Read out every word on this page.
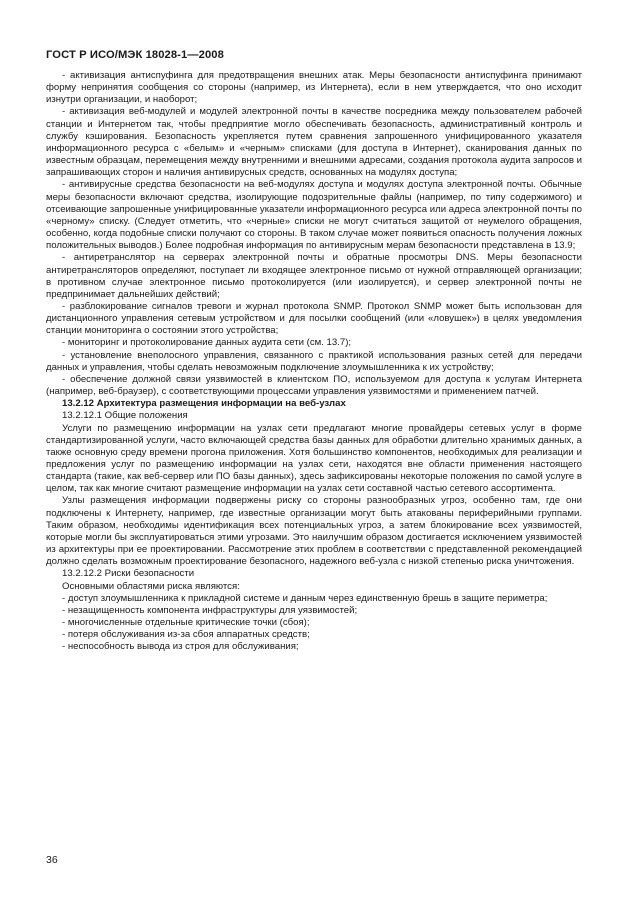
ГОСТ Р ИСО/МЭК 18028-1—2008

- активизация антиспуфинга для предотвращения внешних атак. Меры безопасности антиспуфинга принимают форму непринятия сообщения со стороны (например, из Интернета), если в нем утверждается, что оно исходит изнутри организации, и наоборот;

- активизация веб-модулей и модулей электронной почты в качестве посредника между пользователем рабочей станции и Интернетом так, чтобы предприятие могло обеспечивать безопасность, административный контроль и службу кэширования. Безопасность укрепляется путем сравнения запрошенного унифицированного указателя информационного ресурса с «белым» и «черным» списками (для доступа в Интернет), сканирования данных по известным образцам, перемещения между внутренними и внешними адресами, создания протокола аудита запросов и запрашивающих сторон и наличия антивирусных средств, основанных на модулях доступа;

- антивирусные средства безопасности на веб-модулях доступа и модулях доступа электронной почты. Обычные меры безопасности включают средства, изолирующие подозрительные файлы (например, по типу содержимого) и отсеивающие запрошенные унифицированные указатели информационного ресурса или адреса электронной почты по «черному» списку. (Следует отметить, что «черные» списки не могут считаться защитой от неумелого обращения, особенно, когда подобные списки получают со стороны. В таком случае может появиться опасность получения ложных положительных выводов.) Более подробная информация по антивирусным мерам безопасности представлена в 13.9;

- антиретранслятор на серверах электронной почты и обратные просмотры DNS. Меры безопасности антиретрансляторов определяют, поступает ли входящее электронное письмо от нужной отправляющей организации; в противном случае электронное письмо протоколируется (или изолируется), и сервер электронной почты не предпринимает дальнейших действий;

- разблокирование сигналов тревоги и журнал протокола SNMP. Протокол SNMP может быть использован для дистанционного управления сетевым устройством и для посылки сообщений (или «ловушек») в целях уведомления станции мониторинга о состоянии этого устройства;

- мониторинг и протоколирование данных аудита сети (см. 13.7);

- установление внеполосного управления, связанного с практикой использования разных сетей для передачи данных и управления, чтобы сделать невозможным подключение злоумышленника к их устройству;

- обеспечение должной связи уязвимостей в клиентском ПО, используемом для доступа к услугам Интернета (например, веб-браузер), с соответствующими процессами управления уязвимостями и применением патчей.

13.2.12 Архитектура размещения информации на веб-узлах

13.2.12.1 Общие положения

Услуги по размещению информации на узлах сети предлагают многие провайдеры сетевых услуг в форме стандартизированной услуги, часто включающей средства базы данных для обработки длительно хранимых данных, а также основную среду времени прогона приложения. Хотя большинство компонентов, необходимых для реализации и предложения услуг по размещению информации на узлах сети, находятся вне области применения настоящего стандарта (такие, как веб-сервер или ПО базы данных), здесь зафиксированы некоторые положения по самой услуге в целом, так как многие считают размещение информации на узлах сети составной частью сетевого ассортимента.

Узлы размещения информации подвержены риску со стороны разнообразных угроз, особенно там, где они подключены к Интернету, например, где известные организации могут быть атакованы периферийными группами. Таким образом, необходимы идентификация всех потенциальных угроз, а затем блокирование всех уязвимостей, которые могли бы эксплуатироваться этими угрозами. Это наилучшим образом достигается исключением уязвимостей из архитектуры при ее проектировании. Рассмотрение этих проблем в соответствии с представленной рекомендацией должно сделать возможным проектирование безопасного, надежного веб-узла с низкой степенью риска уничтожения.

13.2.12.2 Риски безопасности

Основными областями риска являются:

- доступ злоумышленника к прикладной системе и данным через единственную брешь в защите периметра;

- незащищенность компонента инфраструктуры для уязвимостей;

- многочисленные отдельные критические точки (сбоя);

- потеря обслуживания из-за сбоя аппаратных средств;

- неспособность вывода из строя для обслуживания;

36
